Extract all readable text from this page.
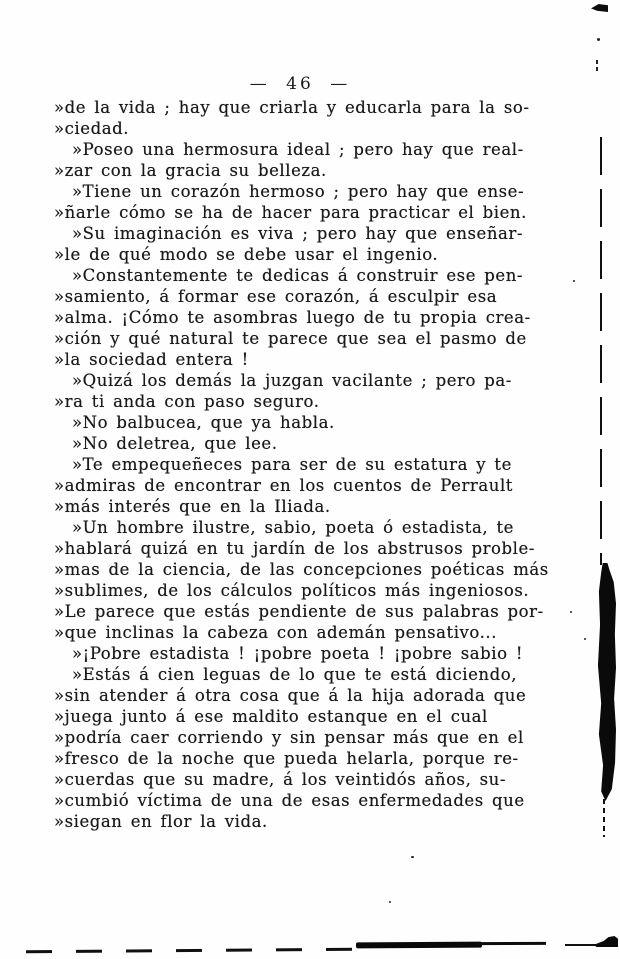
— 46 —
»de la vida ; hay que criarla y educarla para la so-
»ciedad.
»Poseo una hermosura ideal ; pero hay que real-
»zar con la gracia su belleza.
»Tiene un corazón hermoso ; pero hay que ense-
»ñarle cómo se ha de hacer para practicar el bien.
»Su imaginación es viva ; pero hay que enseñar-
»le de qué modo se debe usar el ingenio.
»Constantemente te dedicas á construir ese pen-
»samiento, á formar ese corazón, á esculpir esa
»alma. ¡Cómo te asombras luego de tu propia crea-
»ción y qué natural te parece que sea el pasmo de
»la sociedad entera !
»Quizá los demás la juzgan vacilante ; pero pa-
»ra ti anda con paso seguro.
»No balbucea, que ya habla.
»No deletrea, que lee.
»Te empequeñeces para ser de su estatura y te
»admiras de encontrar en los cuentos de Perrault
»más interés que en la Iliada.
»Un hombre ilustre, sabio, poeta ó estadista, te
»hablará quizá en tu jardín de los abstrusos proble-
»mas de la ciencia, de las concepciones poéticas más
»sublimes, de los cálculos políticos más ingeniosos.
»Le parece que estás pendiente de sus palabras por-
»que inclinas la cabeza con ademán pensativo...
»¡Pobre estadista ! ¡pobre poeta ! ¡pobre sabio !
»Estás á cien leguas de lo que te está diciendo,
»sin atender á otra cosa que á la hija adorada que
»juega junto á ese maldito estanque en el cual
»podría caer corriendo y sin pensar más que en el
»fresco de la noche que pueda helarla, porque re-
»cuerdas que su madre, á los veintidós años, su-
»cumbió víctima de una de esas enfermedades que
»siegan en flor la vida.
